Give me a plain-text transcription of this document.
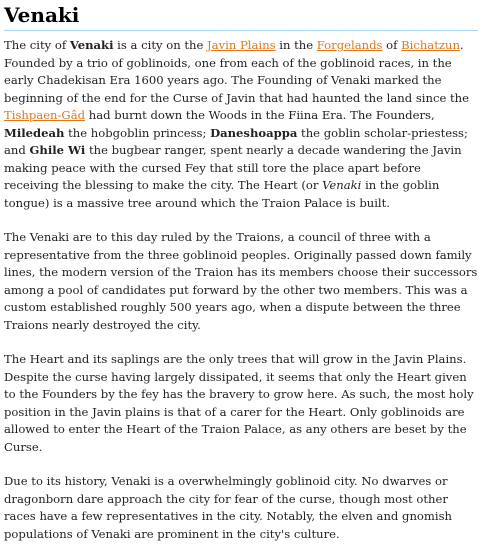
Venaki

The city of Venaki is a city on the Javin Plains in the Forgelands of Bichatzun. Founded by a trio of goblinoids, one from each of the goblinoid races, in the early Chadekisan Era 1600 years ago. The Founding of Venaki marked the beginning of the end for the Curse of Javin that had haunted the land since the Tishpaen-Gâd had burnt down the Woods in the Fiina Era. The Founders, Miledeah the hobgoblin princess; Daneshoappa the goblin scholar-priestess; and Ghile Wi the bugbear ranger, spent nearly a decade wandering the Javin making peace with the cursed Fey that still tore the place apart before receiving the blessing to make the city. The Heart (or Venaki in the goblin tongue) is a massive tree around which the Traion Palace is built.

The Venaki are to this day ruled by the Traions, a council of three with a representative from the three goblinoid peoples. Originally passed down family lines, the modern version of the Traion has its members choose their successors among a pool of candidates put forward by the other two members. This was a custom established roughly 500 years ago, when a dispute between the three Traions nearly destroyed the city.

The Heart and its saplings are the only trees that will grow in the Javin Plains. Despite the curse having largely dissipated, it seems that only the Heart given to the Founders by the fey has the bravery to grow here. As such, the most holy position in the Javin plains is that of a carer for the Heart. Only goblinoids are allowed to enter the Heart of the Traion Palace, as any others are beset by the Curse.

Due to its history, Venaki is a overwhelmingly goblinoid city. No dwarves or dragonborn dare approach the city for fear of the curse, though most other races have a few representatives in the city. Notably, the elven and gnomish populations of Venaki are prominent in the city's culture.
